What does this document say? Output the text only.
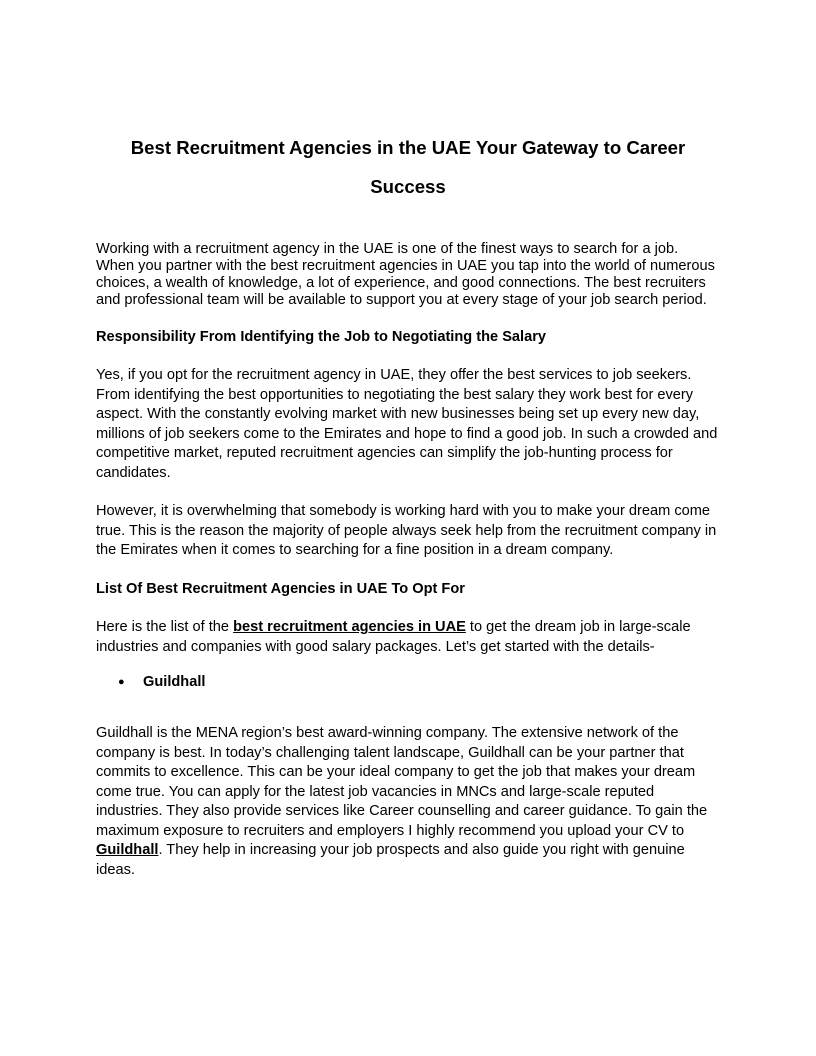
Best Recruitment Agencies in the UAE Your Gateway to Career Success

Working with a recruitment agency in the UAE is one of the finest ways to search for a job. When you partner with the best recruitment agencies in UAE you tap into the world of numerous choices, a wealth of knowledge, a lot of experience, and good connections. The best recruiters and professional team will be available to support you at every stage of your job search period.

Responsibility From Identifying the Job to Negotiating the Salary

Yes, if you opt for the recruitment agency in UAE, they offer the best services to job seekers. From identifying the best opportunities to negotiating the best salary they work best for every aspect. With the constantly evolving market with new businesses being set up every new day, millions of job seekers come to the Emirates and hope to find a good job. In such a crowded and competitive market, reputed recruitment agencies can simplify the job-hunting process for candidates.

However, it is overwhelming that somebody is working hard with you to make your dream come true. This is the reason the majority of people always seek help from the recruitment company in the Emirates when it comes to searching for a fine position in a dream company.

List Of Best Recruitment Agencies in UAE To Opt For

Here is the list of the best recruitment agencies in UAE to get the dream job in large-scale industries and companies with good salary packages. Let’s get started with the details-

●	Guildhall

Guildhall is the MENA region’s best award-winning company. The extensive network of the company is best. In today’s challenging talent landscape, Guildhall can be your partner that commits to excellence. This can be your ideal company to get the job that makes your dream come true. You can apply for the latest job vacancies in MNCs and large-scale reputed industries. They also provide services like Career counselling and career guidance. To gain the maximum exposure to recruiters and employers I highly recommend you upload your CV to Guildhall. They help in increasing your job prospects and also guide you right with genuine ideas.
